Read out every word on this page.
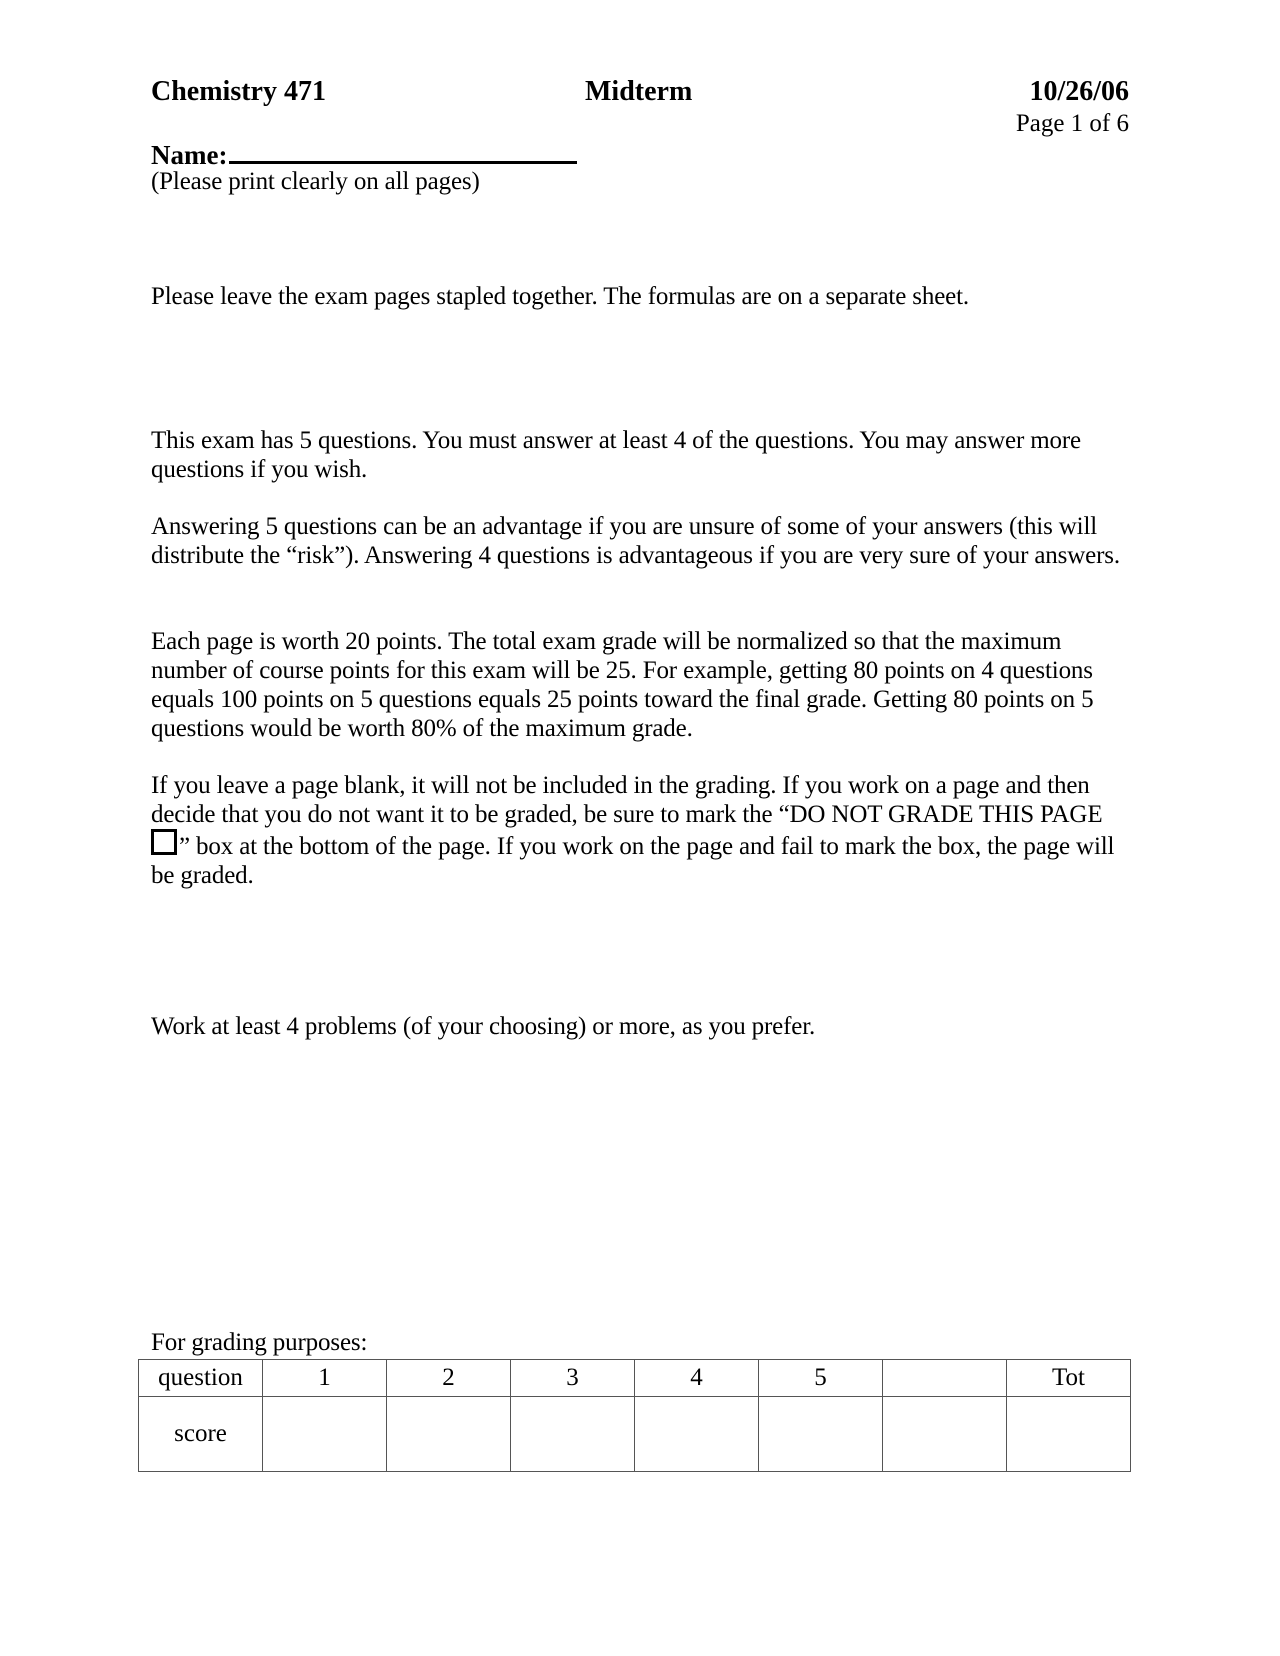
Chemistry 471	Midterm	10/26/06
Page 1 of 6
Name:
(Please print clearly on all pages)
Please leave the exam pages stapled together. The formulas are on a separate sheet.
This exam has 5 questions. You must answer at least 4 of the questions. You may answer more questions if you wish.
Answering 5 questions can be an advantage if you are unsure of some of your answers (this will distribute the “risk”). Answering 4 questions is advantageous if you are very sure of your answers.
Each page is worth 20 points. The total exam grade will be normalized so that the maximum number of course points for this exam will be 25. For example, getting 80 points on 4 questions equals 100 points on 5 questions equals 25 points toward the final grade. Getting 80 points on 5 questions would be worth 80% of the maximum grade.
If you leave a page blank, it will not be included in the grading. If you work on a page and then decide that you do not want it to be graded, be sure to mark the “DO NOT GRADE THIS PAGE
” box at the bottom of the page. If you work on the page and fail to mark the box, the page will be graded.
Work at least 4 problems (of your choosing) or more, as you prefer.
For grading purposes:
question	1	2	3	4	5		Tot
score							
